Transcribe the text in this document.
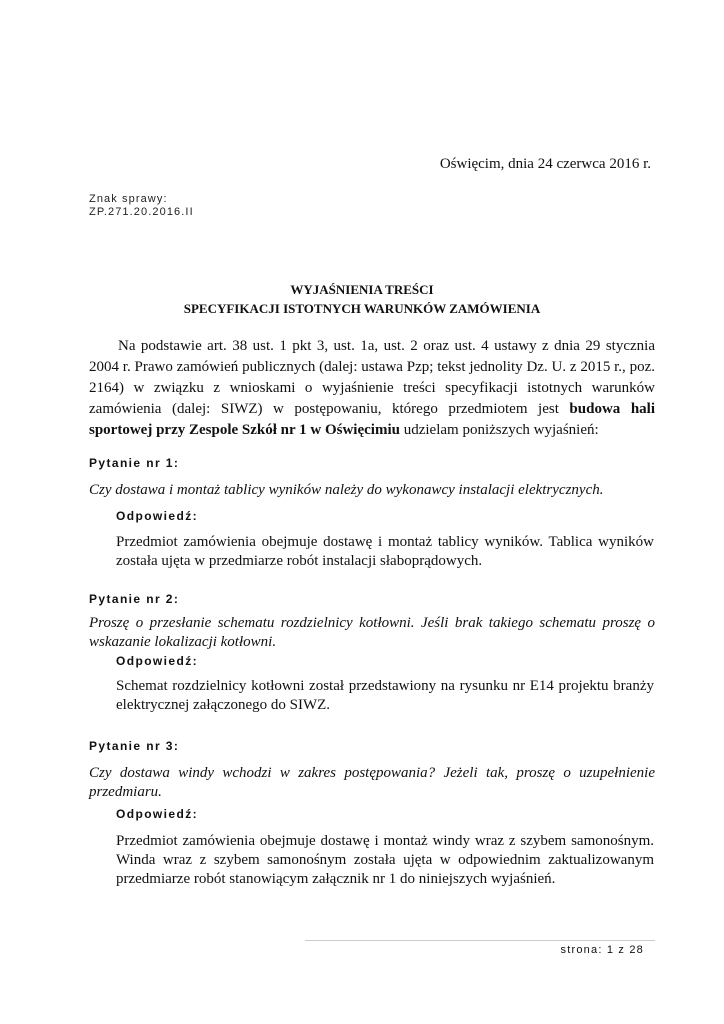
Oświęcim, dnia 24 czerwca 2016 r.
Znak sprawy:
ZP.271.20.2016.II
WYJAŚNIENIA TREŚCI
SPECYFIKACJI ISTOTNYCH WARUNKÓW ZAMÓWIENIA
Na podstawie art. 38 ust. 1 pkt 3, ust. 1a, ust. 2 oraz ust. 4 ustawy z dnia 29 stycznia 2004 r. Prawo zamówień publicznych (dalej: ustawa Pzp; tekst jednolity Dz. U. z 2015 r., poz. 2164) w związku z wnioskami o wyjaśnienie treści specyfikacji istotnych warunków zamówienia (dalej: SIWZ) w postępowaniu, którego przedmiotem jest budowa hali sportowej przy Zespole Szkół nr 1 w Oświęcimiu udzielam poniższych wyjaśnień:
Pytanie nr 1:
Czy dostawa i montaż tablicy wyników należy do wykonawcy instalacji elektrycznych.
Odpowiedź:
Przedmiot zamówienia obejmuje dostawę i montaż tablicy wyników. Tablica wyników została ujęta w przedmiarze robót instalacji słaboprądowych.
Pytanie nr 2:
Proszę o przesłanie schematu rozdzielnicy kotłowni. Jeśli brak takiego schematu proszę o wskazanie lokalizacji kotłowni.
Odpowiedź:
Schemat rozdzielnicy kotłowni został przedstawiony na rysunku nr E14 projektu branży elektrycznej załączonego do SIWZ.
Pytanie nr 3:
Czy dostawa windy wchodzi w zakres postępowania? Jeżeli tak, proszę o uzupełnienie przedmiaru.
Odpowiedź:
Przedmiot zamówienia obejmuje dostawę i montaż windy wraz z szybem samonośnym. Winda wraz z szybem samonośnym została ujęta w odpowiednim zaktualizowanym przedmiarze robót stanowiącym załącznik nr 1 do niniejszych wyjaśnień.
strona: 1 z 28
